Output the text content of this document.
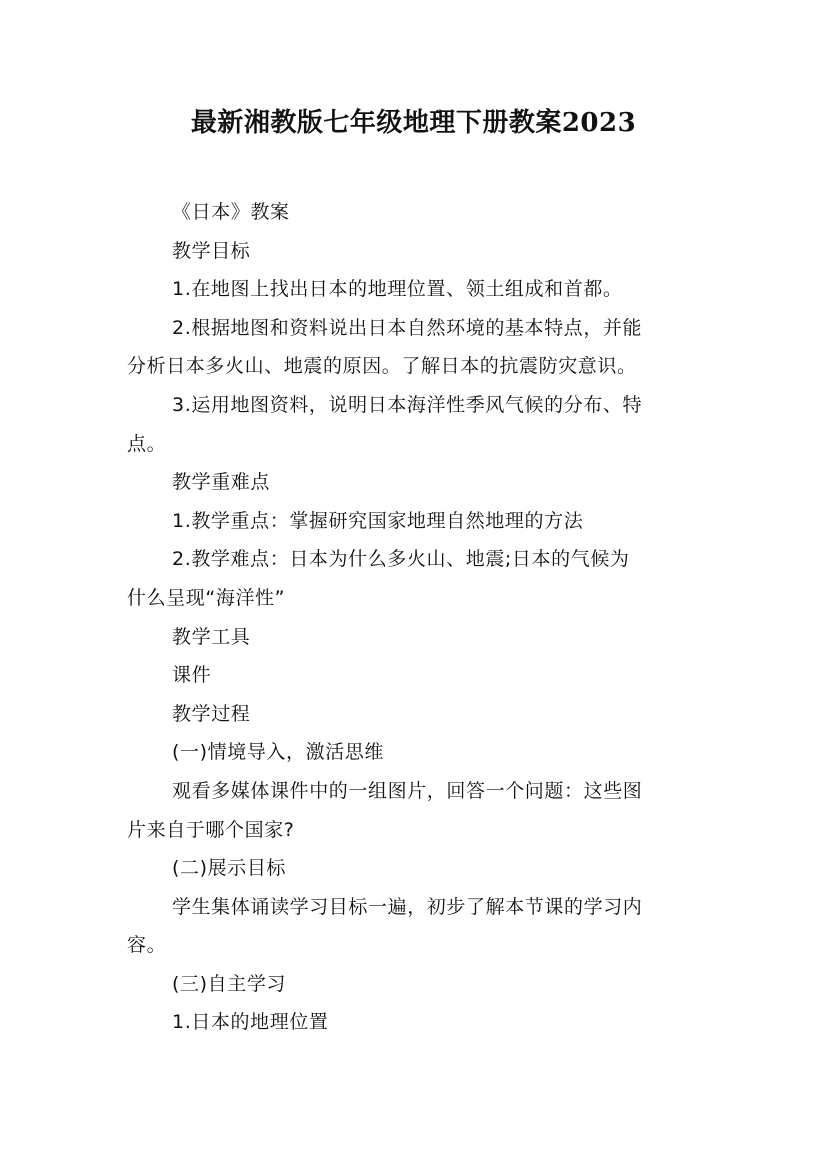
最新湘教版七年级地理下册教案2023
《日本》教案
教学目标
1.在地图上找出日本的地理位置、领土组成和首都。
2.根据地图和资料说出日本自然环境的基本特点，并能
分析日本多火山、地震的原因。了解日本的抗震防灾意识。
3.运用地图资料，说明日本海洋性季风气候的分布、特
点。
教学重难点
1.教学重点：掌握研究国家地理自然地理的方法
2.教学难点：日本为什么多火山、地震;日本的气候为
什么呈现“海洋性”
教学工具
课件
教学过程
(一)情境导入，激活思维
观看多媒体课件中的一组图片，回答一个问题：这些图
片来自于哪个国家?
(二)展示目标
学生集体诵读学习目标一遍，初步了解本节课的学习内
容。
(三)自主学习
1.日本的地理位置
